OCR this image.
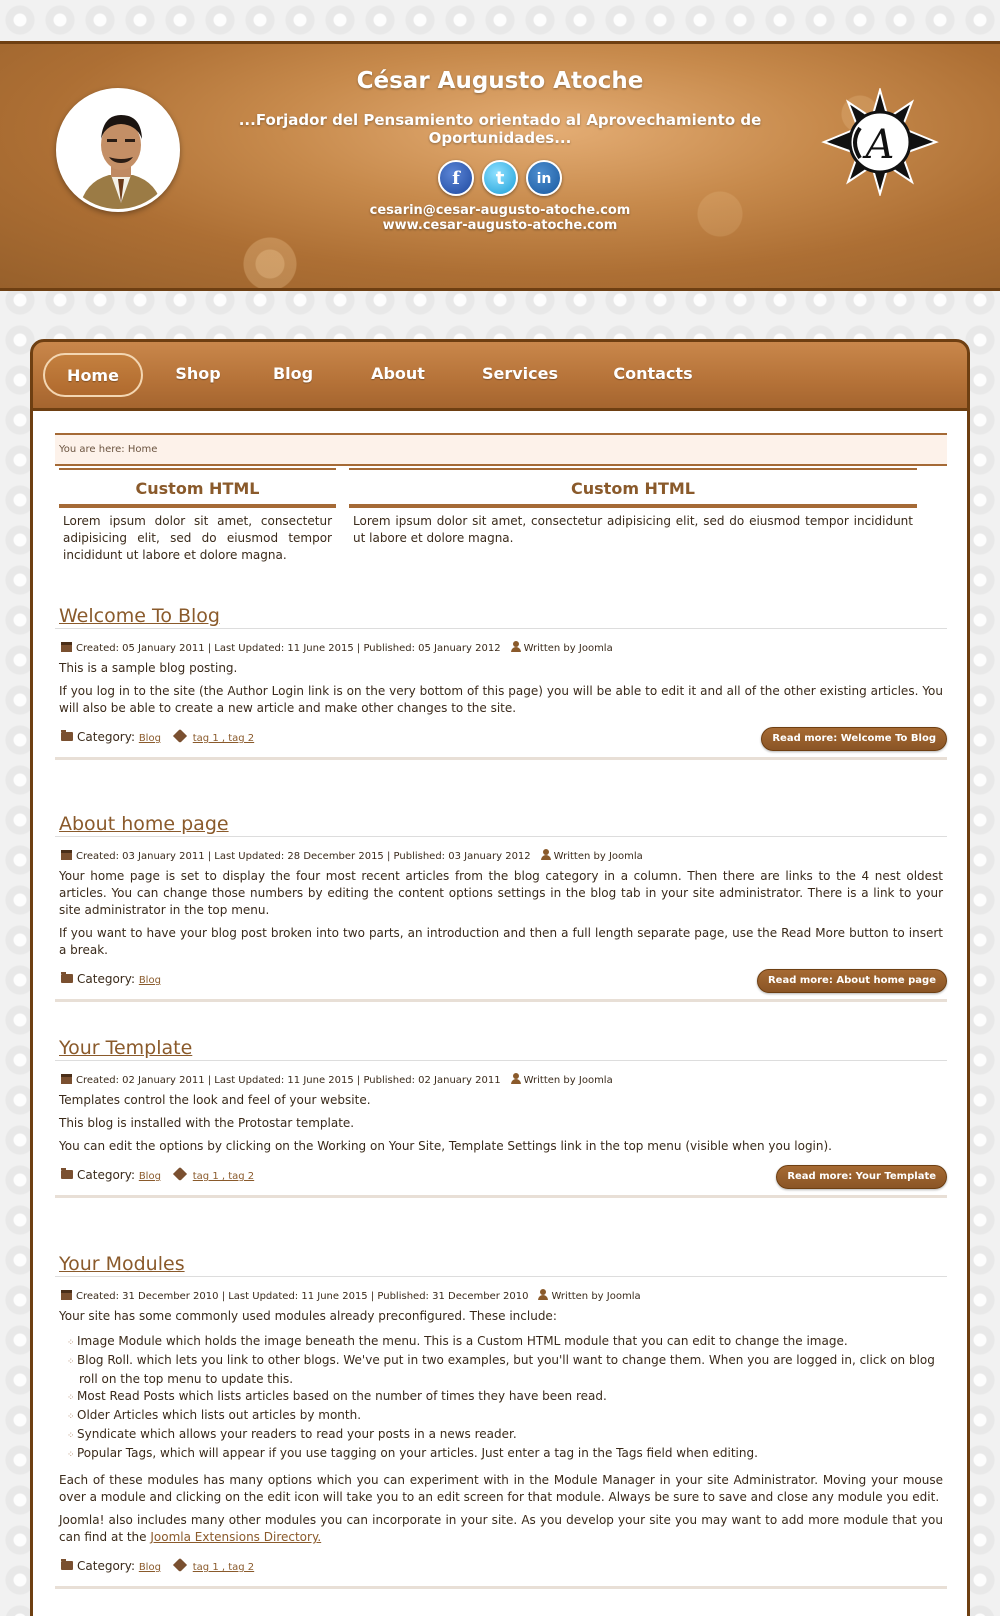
César Augusto Atoche
...Forjador del Pensamiento orientado al Aprovechamiento de Oportunidades...
f	t	in
cesarin@cesar-augusto-atoche.com
www.cesar-augusto-atoche.com
A
Home	Shop	Blog	About	Services	Contacts
You are here: Home
Custom HTML
Lorem ipsum dolor sit amet, consectetur adipisicing elit, sed do eiusmod tempor incididunt ut labore et dolore magna.
Custom HTML
Lorem ipsum dolor sit amet, consectetur adipisicing elit, sed do eiusmod tempor incididunt ut labore et dolore magna.
Welcome To Blog
Created: 05 January 2011 | Last Updated: 11 June 2015 | Published: 05 January 2012 Written by Joomla
This is a sample blog posting.
If you log in to the site (the Author Login link is on the very bottom of this page) you will be able to edit it and all of the other existing articles. You will also be able to create a new article and make other changes to the site.
Category: Blog	tag 1 , tag 2	Read more: Welcome To Blog
About home page
Created: 03 January 2011 | Last Updated: 28 December 2015 | Published: 03 January 2012 Written by Joomla
Your home page is set to display the four most recent articles from the blog category in a column. Then there are links to the 4 nest oldest articles. You can change those numbers by editing the content options settings in the blog tab in your site administrator. There is a link to your site administrator in the top menu.
If you want to have your blog post broken into two parts, an introduction and then a full length separate page, use the Read More button to insert a break.
Category: Blog	Read more: About home page
Your Template
Created: 02 January 2011 | Last Updated: 11 June 2015 | Published: 02 January 2011 Written by Joomla
Templates control the look and feel of your website.
This blog is installed with the Protostar template.
You can edit the options by clicking on the Working on Your Site, Template Settings link in the top menu (visible when you login).
Category: Blog	tag 1 , tag 2	Read more: Your Template
Your Modules
Created: 31 December 2010 | Last Updated: 11 June 2015 | Published: 31 December 2010 Written by Joomla
Your site has some commonly used modules already preconfigured. These include:
⁘ Image Module which holds the image beneath the menu. This is a Custom HTML module that you can edit to change the image.
⁘ Blog Roll. which lets you link to other blogs. We've put in two examples, but you'll want to change them. When you are logged in, click on blog roll on the top menu to update this.
⁘ Most Read Posts which lists articles based on the number of times they have been read.
⁘ Older Articles which lists out articles by month.
⁘ Syndicate which allows your readers to read your posts in a news reader.
⁘ Popular Tags, which will appear if you use tagging on your articles. Just enter a tag in the Tags field when editing.
Each of these modules has many options which you can experiment with in the Module Manager in your site Administrator. Moving your mouse over a module and clicking on the edit icon will take you to an edit screen for that module. Always be sure to save and close any module you edit.
Joomla! also includes many other modules you can incorporate in your site. As you develop your site you may want to add more module that you can find at the Joomla Extensions Directory.
Category: Blog	tag 1 , tag 2
